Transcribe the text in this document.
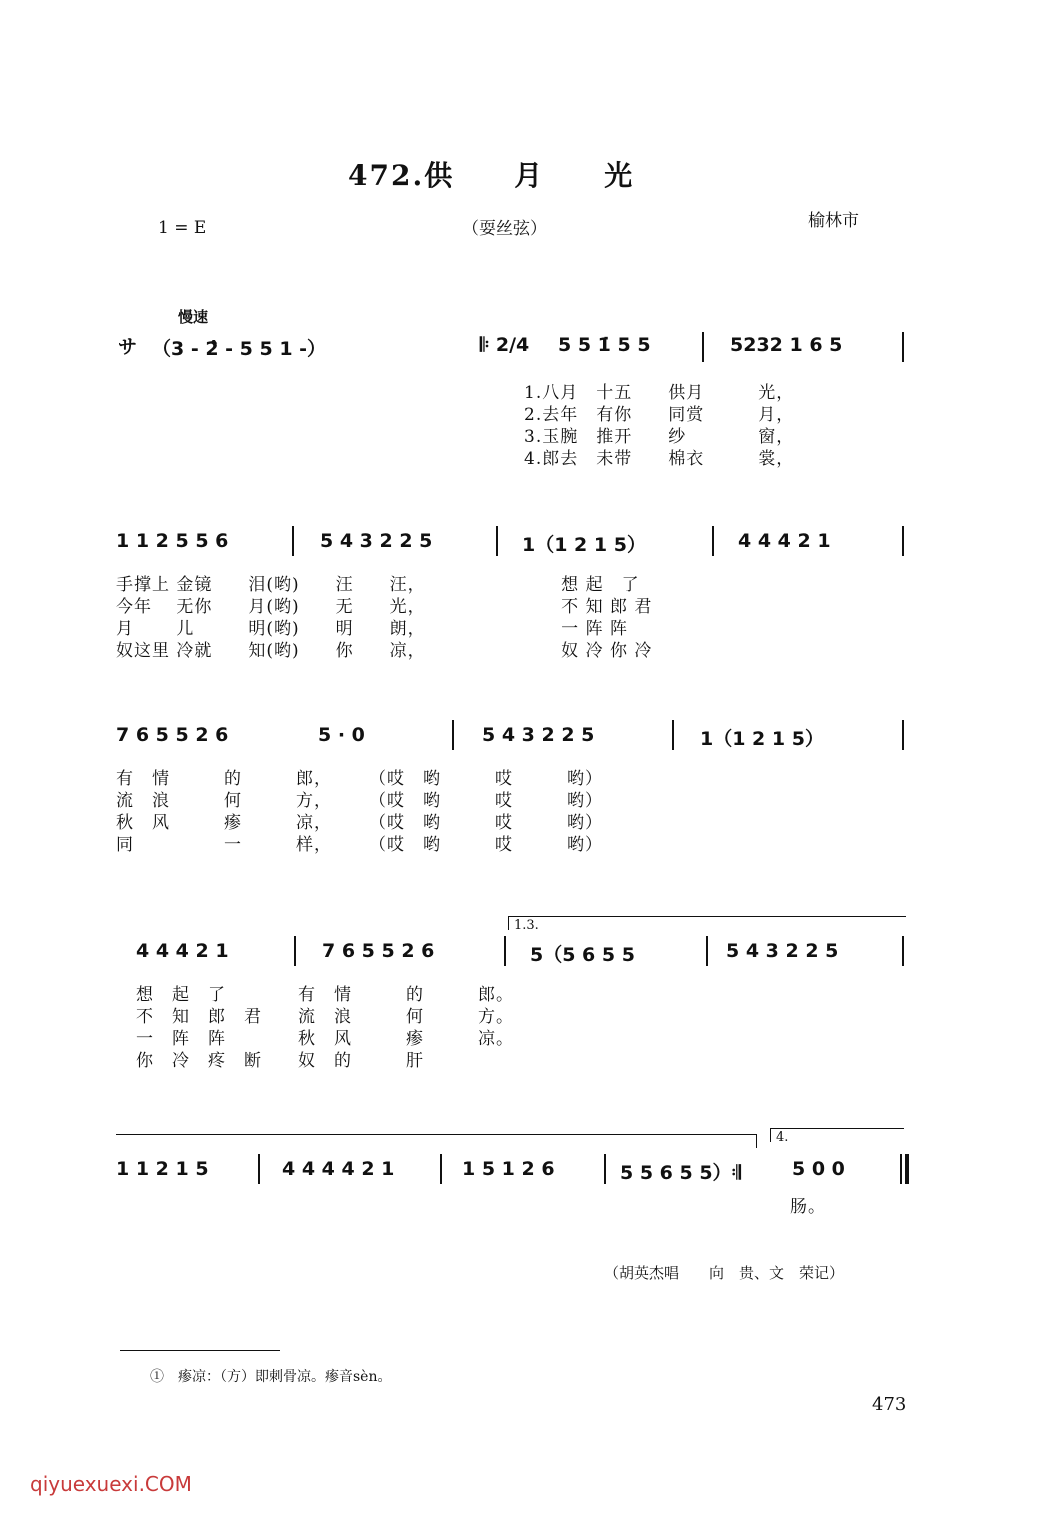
472.供　　月　　光
1 = E	（耍丝弦）	榆林市
慢速
サ （3 - 2̂ - 5 5 1 -）	𝄆 2/4 5 5 1̇ 5 5	5232 1 6 5
1.八月　十五　　供月　　　光，
2.去年　有你　　同赏　　　月，
3.玉腕　推开　　纱　　　　窗，
4.郎去　未带　　棉衣　　　裳，
1 1 2 5 5 6	5 4 3 2 2 5	1（1 2 1 5）	4 4 4 2 1
手撑上 金镜　　泪(哟)　　汪　　汪，　　　　　　　　想 起　了
今年　 无你　　月(哟)　　无　　光，　　　　　　　　不 知 郎 君
月　　 儿　　　明(哟)　　明　　朗，　　　　　　　　一 阵 阵
奴这里 冷就　　知(哟)　　你　　凉，　　　　　　　　奴 冷 你 冷
7 6 5 5 2 6	5 · 0	5 4 3 2 2 5	1（1 2 1 5）
有　情　　　的　　　郎，　　　（哎　哟　　　哎　　　哟）
流　浪　　　何　　　方，　　　（哎　哟　　　哎　　　哟）
秋　风　　　瘆　　　凉，　　　（哎　哟　　　哎　　　哟）
同　　　　　一　　　样，　　　（哎　哟　　　哎　　　哟）
1.3.
4 4 4 2 1	7 6 5 5 2 6	5（5 6 5 5	5 4 3 2 2 5
想　起　了　　　　有　情　　　的　　　郎。
不　知　郎　君　　流　浪　　　何　　　方。
一　阵　阵　　　　秋　风　　　瘆　　　凉。
你　冷　疼　断　　奴　的　　　肝
4.
1 1 2 1 5	4 4 4 4 2 1	1 5 1 2 6	5 5 6 5 5）𝄇	5 0 0
肠。
（胡英杰唱　　向　贵、文　荣记）
①　瘆凉：（方）即刺骨凉。瘆音sèn。
473
qiyuexuexi.COM
